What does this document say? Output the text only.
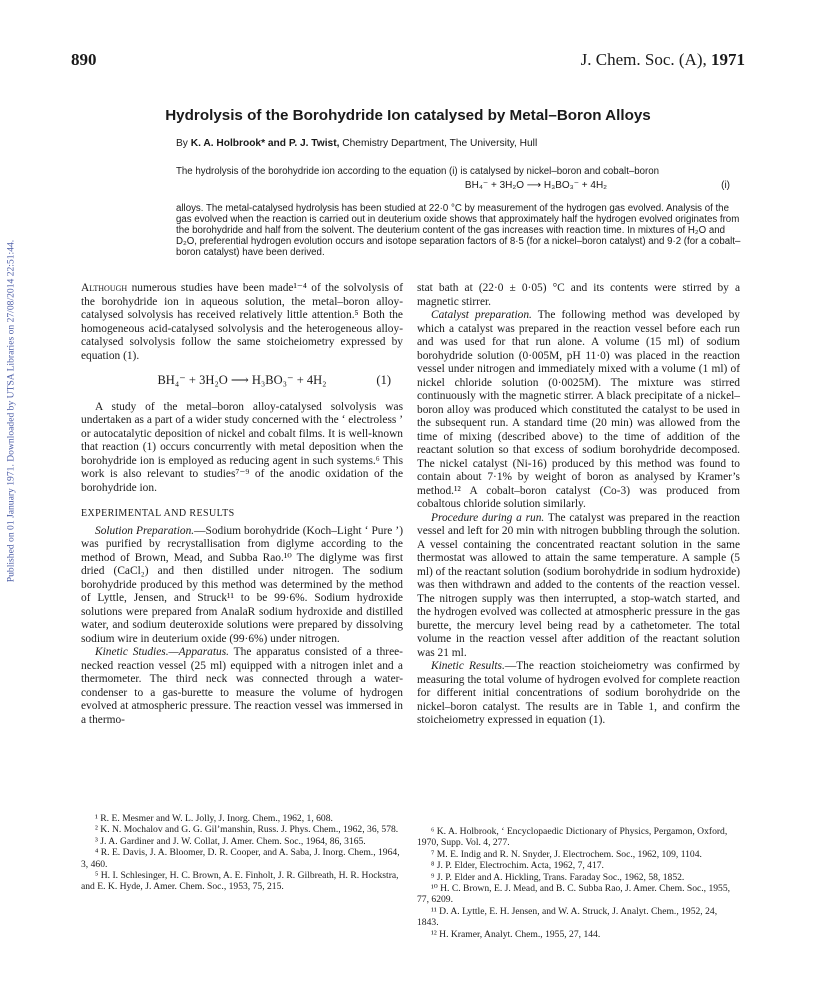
890	J. Chem. Soc. (A), 1971
Hydrolysis of the Borohydride Ion catalysed by Metal–Boron Alloys
By K. A. Holbrook* and P. J. Twist, Chemistry Department, The University, Hull
The hydrolysis of the borohydride ion according to the equation (i) is catalysed by nickel–boron and cobalt–boron
BH₄⁻ + 3H₂O ⟶ H₃BO₃⁻ + 4H₂	(i)
alloys. The metal-catalysed hydrolysis has been studied at 22·0 °C by measurement of the hydrogen gas evolved. Analysis of the gas evolved when the reaction is carried out in deuterium oxide shows that approximately half the hydrogen evolved originates from the borohydride and half from the solvent. The deuterium content of the gas increases with reaction time. In mixtures of H₂O and D₂O, preferential hydrogen evolution occurs and isotope separation factors of 8·5 (for a nickel–boron catalyst) and 9·2 (for a cobalt–boron catalyst) have been derived.
Published on 01 January 1971. Downloaded by UTSA Libraries on 27/08/2014 22:51:44.	Although numerous studies have been made¹⁻⁴ of the solvolysis of the borohydride ion in aqueous solution, the metal–boron alloy-catalysed solvolysis has received relatively little attention.⁵ Both the homogeneous acid-catalysed solvolysis and the heterogeneous alloy-catalysed solvolysis follow the same stoicheiometry expressed by equation (1).

BH₄⁻ + 3H₂O ⟶ H₃BO₃⁻ + 4H₂	(1)

A study of the metal–boron alloy-catalysed solvolysis was undertaken as a part of a wider study concerned with the ‘ electroless ’ or autocatalytic deposition of nickel and cobalt films. It is well-known that reaction (1) occurs concurrently with metal deposition when the borohydride ion is employed as reducing agent in such systems.⁶ This work is also relevant to studies⁷⁻⁹ of the anodic oxidation of the borohydride ion.

EXPERIMENTAL AND RESULTS

Solution Preparation.—Sodium borohydride (Koch–Light ‘ Pure ’) was purified by recrystallisation from diglyme according to the method of Brown, Mead, and Subba Rao.¹⁰ The diglyme was first dried (CaCl₂) and then distilled under nitrogen. The sodium borohydride produced by this method was determined by the method of Lyttle, Jensen, and Struck¹¹ to be 99·6%. Sodium hydroxide solutions were prepared from AnalaR sodium hydroxide and distilled water, and sodium deuteroxide solutions were prepared by dissolving sodium wire in deuterium oxide (99·6%) under nitrogen.

Kinetic Studies.—Apparatus. The apparatus consisted of a three-necked reaction vessel (25 ml) equipped with a nitrogen inlet and a thermometer. The third neck was connected through a water-condenser to a gas-burette to measure the volume of hydrogen evolved at atmospheric pressure. The reaction vessel was immersed in a thermo-

stat bath at (22·0 ± 0·05) °C and its contents were stirred by a magnetic stirrer.

Catalyst preparation. The following method was developed by which a catalyst was prepared in the reaction vessel before each run and was used for that run alone. A volume (15 ml) of sodium borohydride solution (0·005M, pH 11·0) was placed in the reaction vessel under nitrogen and immediately mixed with a volume (1 ml) of nickel chloride solution (0·0025M). The mixture was stirred continuously with the magnetic stirrer. A black precipitate of a nickel–boron alloy was produced which constituted the catalyst to be used in the subsequent run. A standard time (20 min) was allowed from the time of mixing (described above) to the time of addition of the reactant solution so that excess of sodium borohydride decomposed. The nickel catalyst (Ni-16) produced by this method was found to contain about 7·1% by weight of boron as analysed by Kramer’s method.¹² A cobalt–boron catalyst (Co-3) was produced from cobaltous chloride solution similarly.

Procedure during a run. The catalyst was prepared in the reaction vessel and left for 20 min with nitrogen bubbling through the solution. A vessel containing the concentrated reactant solution in the same thermostat was allowed to attain the same temperature. A sample (5 ml) of the reactant solution (sodium borohydride in sodium hydroxide) was then withdrawn and added to the contents of the reaction vessel. The nitrogen supply was then interrupted, a stop-watch started, and the hydrogen evolved was collected at atmospheric pressure in the gas burette, the mercury level being read by a cathetometer. The total volume in the reaction vessel after addition of the reactant solution was 21 ml.

Kinetic Results.—The reaction stoicheiometry was confirmed by measuring the total volume of hydrogen evolved for complete reaction for different initial concentrations of sodium borohydride on the nickel–boron catalyst. The results are in Table 1, and confirm the stoicheiometry expressed in equation (1).

¹ R. E. Mesmer and W. L. Jolly, J. Inorg. Chem., 1962, 1, 608.

² K. N. Mochalov and G. G. Gil’manshin, Russ. J. Phys. Chem., 1962, 36, 578.

³ J. A. Gardiner and J. W. Collat, J. Amer. Chem. Soc., 1964, 86, 3165.

⁴ R. E. Davis, J. A. Bloomer, D. R. Cooper, and A. Saba, J. Inorg. Chem., 1964, 3, 460.

⁵ H. I. Schlesinger, H. C. Brown, A. E. Finholt, J. R. Gilbreath, H. R. Hockstra, and E. K. Hyde, J. Amer. Chem. Soc., 1953, 75, 215.

⁶ K. A. Holbrook, ‘ Encyclopaedic Dictionary of Physics, Pergamon, Oxford, 1970, Supp. Vol. 4, 277.

⁷ M. E. Indig and R. N. Snyder, J. Electrochem. Soc., 1962, 109, 1104.

⁸ J. P. Elder, Electrochim. Acta, 1962, 7, 417.

⁹ J. P. Elder and A. Hickling, Trans. Faraday Soc., 1962, 58, 1852.

¹⁰ H. C. Brown, E. J. Mead, and B. C. Subba Rao, J. Amer. Chem. Soc., 1955, 77, 6209.

¹¹ D. A. Lyttle, E. H. Jensen, and W. A. Struck, J. Analyt. Chem., 1952, 24, 1843.

¹² H. Kramer, Analyt. Chem., 1955, 27, 144.
